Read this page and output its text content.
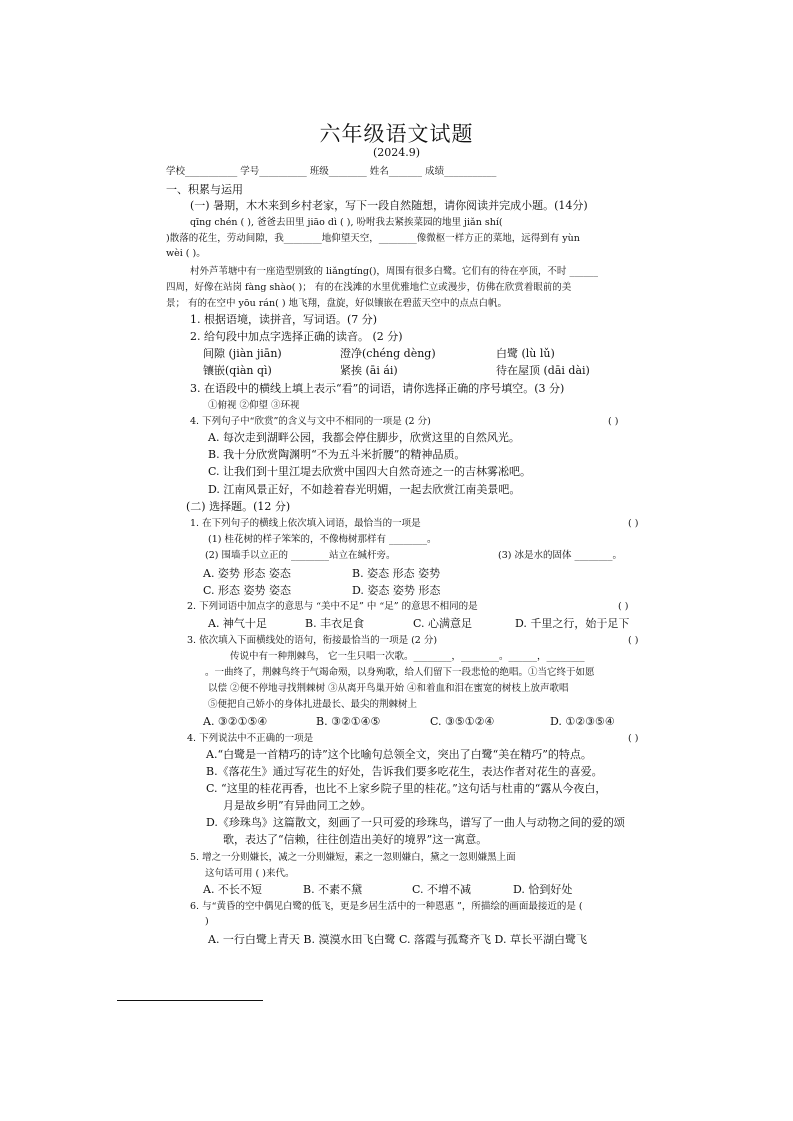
六年级语文试题
(2024.9)
学校___________ 学号__________ 班级________ 姓名_______ 成绩___________
一、积累与运用
(一) 暑期，木木来到乡村老家，写下一段自然随想，请你阅读并完成小题。(14分)
qīng chén ( ), 爸爸去田里 jiāo dì ( ), 吩咐我去紧挨菜园的地里 jiǎn shí(
)散落的花生，劳动间隙，我________地仰望天空，________像微枢一样方正的菜地，远得到有 yùn
wèi ( )。
村外芦苇塘中有一座造型别致的 liǎngtíng()，周围有很多白鹭。它们有的待在亭顶，不时 ______
四周，好像在站岗 fàng shào( )； 有的在浅滩的水里优雅地伫立或漫步，仿佛在欣赏着眼前的美
景； 有的在空中 yōu rán( ) 地飞翔，盘旋，好似镶嵌在碧蓝天空中的点点白帆。
1. 根据语境，读拼音，写词语。(7 分)
2. 给句段中加点字选择正确的读音。 (2 分)
间隙 (jiàn jiān)	澄净(chéng dèng)	白鹭 (lù lǔ)
镶嵌(qiàn qì)	紧挨 (āi ái)	待在屋顶 (dāi dài)
3. 在语段中的横线上填上表示“看”的词语，请你选择正确的序号填空。(3 分)
①俯视 ②仰望 ③环视
4. 下列句子中“欣赏”的含义与文中不相同的一项是 (2 分)	( )
A. 每次走到湖畔公园，我都会停住脚步，欣赏这里的自然风光。
B. 我十分欣赏陶渊明“不为五斗米折腰”的精神品质。
C. 让我们到十里江堤去欣赏中国四大自然奇迹之一的吉林雾凇吧。
D. 江南风景正好，不如趁着春光明媚，一起去欣赏江南美景吧。
(二) 选择题。(12 分)
1. 在下列句子的横线上依次填入词语，最恰当的一项是	( )
(1) 桂花树的样子笨笨的，不像梅树那样有 ________。
(2) 围墙手以立正的 ________站立在缄杆旁。	(3) 冰是水的固体 ________。
A. 姿势 形态 姿态	B. 姿态 形态 姿势
C. 形态 姿势 姿态	D. 姿态 姿势 形态
2. 下列词语中加点字的意思与 “美中不足” 中 “足” 的意思不相同的是	( )
A. 神气十足	B. 丰衣足食	C. 心满意足	D. 千里之行，始于足下
3. 依次填入下面横线处的语句，衔接最恰当的一项是 (2 分)	( )
传说中有一种荆棘鸟， 它一生只唱一次歌。________，________。______，________
。一曲终了，荆棘鸟终于气竭命殒，以身殉歌，给人们留下一段悲怆的绝唱。①当它终于如愿
以偿 ②便不停地寻找荆棘树 ③从离开鸟巢开始 ④和着血和泪在蜜宽的树枝上放声歌唱
⑤便把自己娇小的身体扎进最长、最尖的荆棘树上
A. ③②①⑤④	B. ③②①④⑤	C. ③⑤①②④	D. ①②③⑤④
4. 下列说法中不正确的一项是	( )
A.“白鹭是一首精巧的诗”这个比喻句总领全文，突出了白鹭“美在精巧”的特点。
B.《落花生》通过写花生的好处，告诉我们要多吃花生，表达作者对花生的喜爱。
C. “这里的桂花再香，也比不上家乡院子里的桂花。”这句话与杜甫的“露从今夜白，
月是故乡明”有异曲同工之妙。
D.《珍珠鸟》这篇散文，刻画了一只可爱的珍珠鸟，谱写了一曲人与动物之间的爱的颂
歌，表达了“信赖，往往创造出美好的境界”这一寓意。
5. 增之一分则嫌长，减之一分则嫌短，素之一忽则嫌白，黛之一忽则嫌黑上面
这句话可用 ( )来代。
A. 不长不短	B. 不素不黛	C. 不增不减	D. 恰到好处
6. 与“黄昏的空中偶见白鹭的低飞，更是乡居生活中的一种恩惠 ”，所描绘的画面最接近的是 (
)
A. 一行白鹭上青天 B. 漠漠水田飞白鹭 C. 落霞与孤鹜齐飞 D. 草长平湖白鹭飞
